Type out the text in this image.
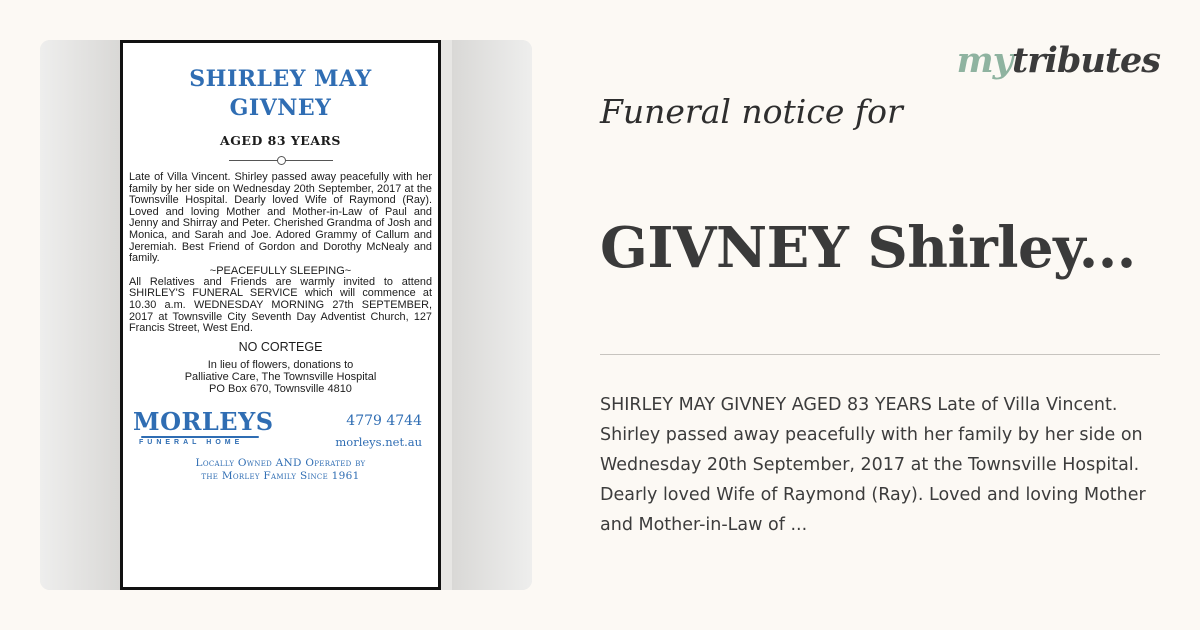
SHIRLEY MAY
GIVNEY
AGED 83 YEARS
Late of Villa Vincent. Shirley passed away peacefully with her family by her side on Wednesday 20th September, 2017 at the Townsville Hospital. Dearly loved Wife of Raymond (Ray). Loved and loving Mother and Mother-in-Law of Paul and Jenny and Shirray and Peter. Cherished Grandma of Josh and Monica, and Sarah and Joe. Adored Grammy of Callum and Jeremiah. Best Friend of Gordon and Dorothy McNealy and family.
~PEACEFULLY SLEEPING~
All Relatives and Friends are warmly invited to attend SHIRLEY'S FUNERAL SERVICE which will commence at 10.30 a.m. WEDNESDAY MORNING 27th SEPTEMBER, 2017 at Townsville City Seventh Day Adventist Church, 127 Francis Street, West End.
NO CORTEGE
In lieu of flowers, donations to
Palliative Care, The Townsville Hospital
PO Box 670, Townsville 4810
MORLEYS
FUNERAL HOME
4779 4744
morleys.net.au
Locally Owned AND Operated by
the Morley Family Since 1961
mytributes
Funeral notice for
GIVNEY Shirley...
SHIRLEY MAY GIVNEY AGED 83 YEARS Late of Villa Vincent. Shirley passed away peacefully with her family by her side on Wednesday 20th September, 2017 at the Townsville Hospital. Dearly loved Wife of Raymond (Ray). Loved and loving Mother and Mother-in-Law of ...
